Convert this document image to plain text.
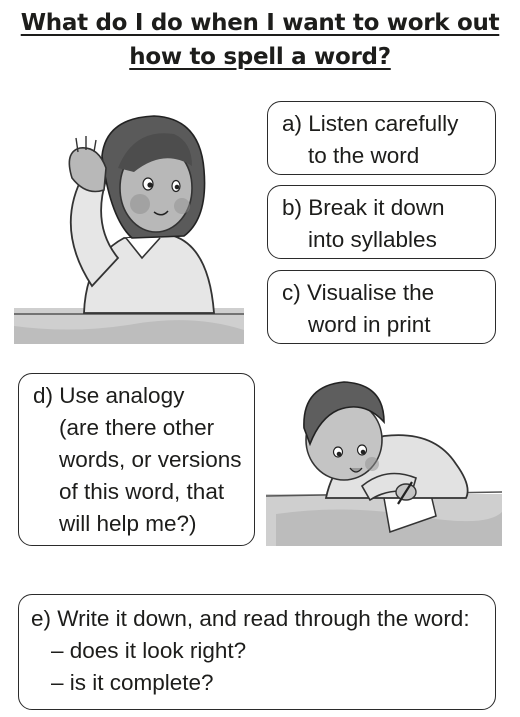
What do I do when I want to work out
how to spell a word?
a) Listen carefully
to the word
b) Break it down
into syllables
c) Visualise the
word in print
d) Use analogy
(are there other
words, or versions
of this word, that
will help me?)
e) Write it down, and read through the word:
– does it look right?
– is it complete?
